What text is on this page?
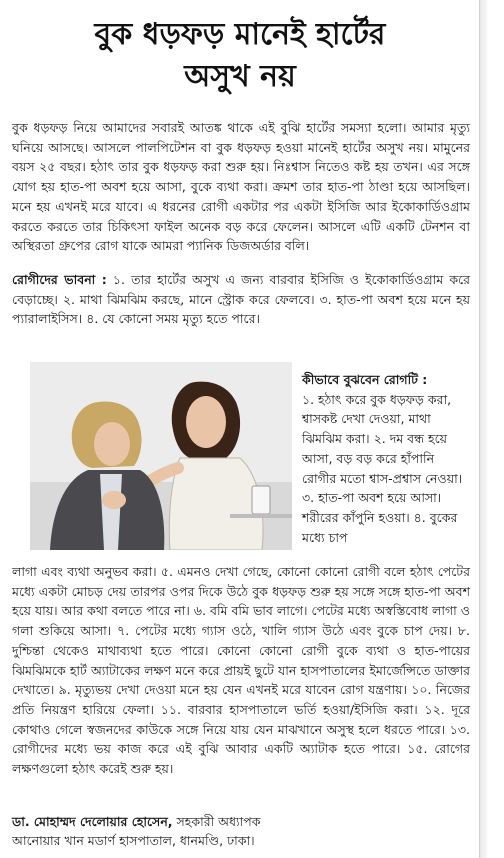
বুক ধড়ফড় মানেই হার্টের
অসুখ নয়

বুক ধড়ফড় নিয়ে আমাদের সবারই আতঙ্ক থাকে এই বুঝি হার্টের সমস্যা হলো। আমার মৃত্যু ঘনিয়ে আসছে। আসলে পালপিটেশন বা বুক ধড়ফড় হওয়া মানেই হার্টের অসুখ নয়। মামুনের বয়স ২৫ বছর। হঠাৎ তার বুক ধড়ফড় করা শুরু হয়। নিঃশ্বাস নিতেও কষ্ট হয় তখন। এর সঙ্গে যোগ হয় হাত-পা অবশ হয়ে আসা, বুকে ব্যথা করা। ক্রমশ তার হাত-পা ঠাণ্ডা হয়ে আসছিল। মনে হয় এখনই মরে যাবে। এ ধরনের রোগী একটার পর একটা ইসিজি আর ইকোকার্ডিওগ্রাম করতে করতে তার চিকিৎসা ফাইল অনেক বড় করে ফেলেন। আসলে এটি একটি টেনশন বা অস্থিরতা গ্রুপের রোগ যাকে আমরা প্যানিক ডিজঅর্ডার বলি।

রোগীদের ভাবনা : ১. তার হার্টের অসুখ এ জন্য বারবার ইসিজি ও ইকোকার্ডিওগ্রাম করে বেড়াচ্ছে। ২. মাথা ঝিমঝিম করছে, মানে স্ট্রোক করে ফেলবে। ৩. হাত-পা অবশ হয়ে মনে হয় প্যারালাইসিস। ৪. যে কোনো সময় মৃত্যু হতে পারে।

কীভাবে বুঝবেন রোগটি :

১. হঠাৎ করে বুক ধড়ফড় করা, শ্বাসকষ্ট দেখা দেওয়া, মাথা ঝিমঝিম করা। ২. দম বন্ধ হয়ে আসা, বড় বড় করে হাঁপানি রোগীর মতো শ্বাস-প্রশ্বাস নেওয়া। ৩. হাত-পা অবশ হয়ে আসা। শরীরের কাঁপুনি হওয়া। ৪. বুকের মধ্যে চাপ

লাগা এবং ব্যথা অনুভব করা। ৫. এমনও দেখা গেছে, কোনো কোনো রোগী বলে হঠাৎ পেটের মধ্যে একটা মোচড় দেয় তারপর ওপর দিকে উঠে বুক ধড়ফড় শুরু হয় সঙ্গে সঙ্গে হাত-পা অবশ হয়ে যায়। আর কথা বলতে পারে না। ৬. বমি বমি ভাব লাগে। পেটের মধ্যে অস্বস্তিবোধ লাগা ও গলা শুকিয়ে আসা। ৭. পেটের মধ্যে গ্যাস ওঠে, খালি গ্যাস উঠে এবং বুকে চাপ দেয়। ৮. দুশ্চিন্তা থেকেও মাথাব্যথা হতে পারে। কোনো কোনো রোগী বুকে ব্যথা ও হাত-পায়ের ঝিমঝিমকে হার্ট অ্যাটাকের লক্ষণ মনে করে প্রায়ই ছুটে যান হাসপাতালের ইমার্জেন্সিতে ডাক্তার দেখাতে। ৯. মৃত্যুভয় দেখা দেওয়া মনে হয় যেন এখনই মরে যাবেন রোগ যন্ত্রণায়। ১০. নিজের প্রতি নিয়ন্ত্রণ হারিয়ে ফেলা। ১১. বারবার হাসপাতালে ভর্তি হওয়া/ইসিজি করা। ১২. দূরে কোথাও গেলে স্বজনদের কাউকে সঙ্গে নিয়ে যায় যেন মাঝখানে অসুস্থ হলে ধরতে পারে। ১৩. রোগীদের মধ্যে ভয় কাজ করে এই বুঝি আবার একটি অ্যাটাক হতে পারে। ১৫. রোগের লক্ষণগুলো হঠাৎ করেই শুরু হয়।

ডা. মোহাম্মদ দেলোয়ার হোসেন, সহকারী অধ্যাপক

আনোয়ার খান মডার্ণ হাসপাতাল, ধানমণ্ডি, ঢাকা।
